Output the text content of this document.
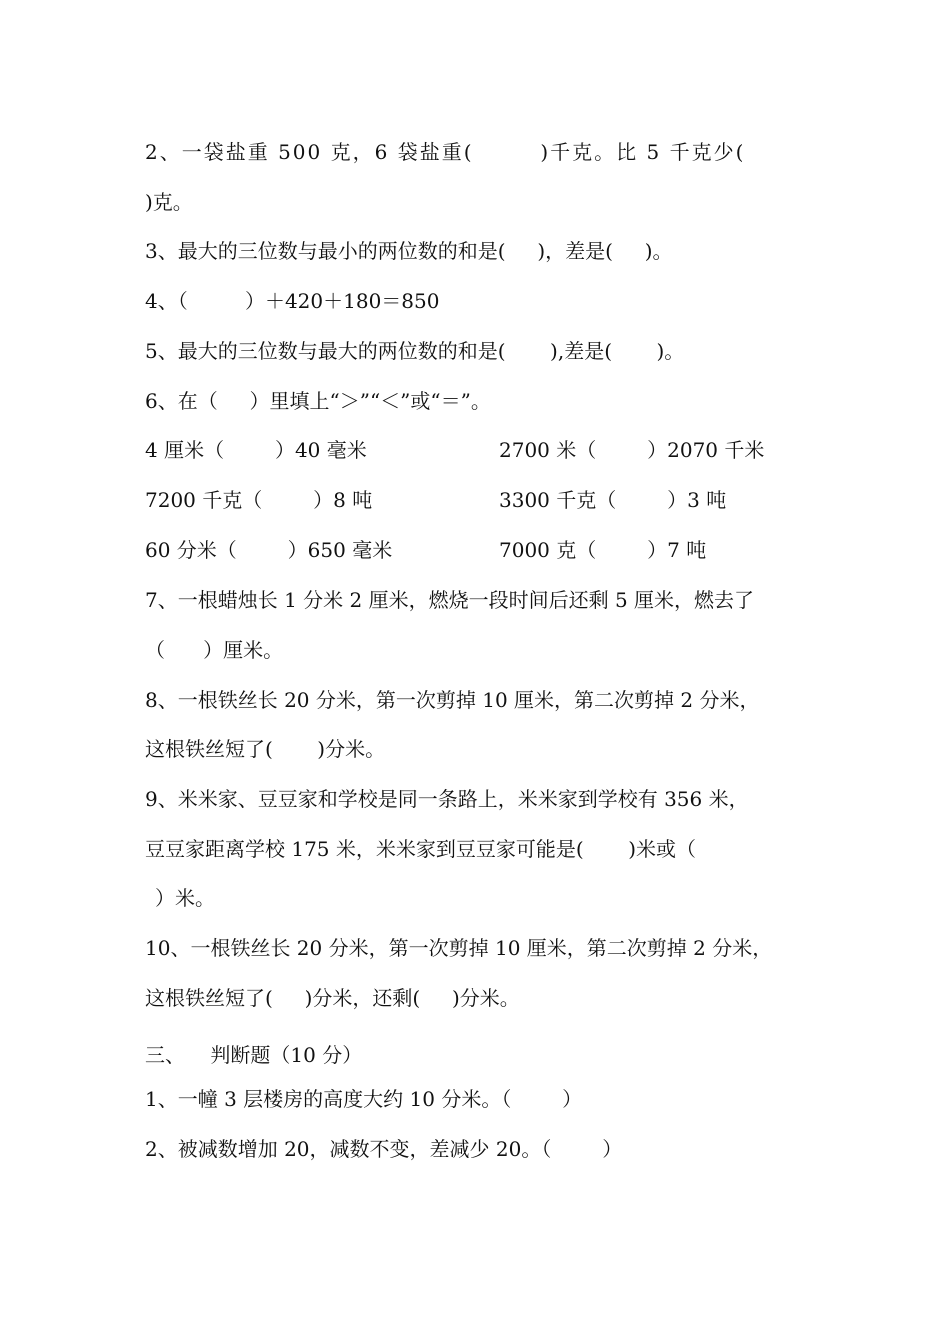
2、一袋盐重 500 克，6 袋盐重(        )千克。比 5 千克少(
)克。
3、最大的三位数与最小的两位数的和是(     )，差是(     )。
4、（         ）＋420＋180＝850
5、最大的三位数与最大的两位数的和是(       ),差是(       )。
6、在（     ）里填上“＞”“＜”或“＝”。
4 厘米（        ）40 毫米	2700 米（        ）2070 千米
7200 千克（        ）8 吨	3300 千克（        ）3 吨
60 分米（        ）650 毫米	7000 克（        ）7 吨
7、一根蜡烛长 1 分米 2 厘米，燃烧一段时间后还剩 5 厘米，燃去了
（      ）厘米。
8、一根铁丝长 20 分米，第一次剪掉 10 厘米，第二次剪掉 2 分米，
这根铁丝短了(       )分米。
9、米米家、豆豆家和学校是同一条路上，米米家到学校有 356 米，
豆豆家距离学校 175 米，米米家到豆豆家可能是(       )米或（
）米。
10、一根铁丝长 20 分米，第一次剪掉 10 厘米，第二次剪掉 2 分米，
这根铁丝短了(     )分米，还剩(     )分米。
三、    判断题（10 分）
1、一幢 3 层楼房的高度大约 10 分米。（        ）
2、被减数增加 20，减数不变，差减少 20。（        ）
